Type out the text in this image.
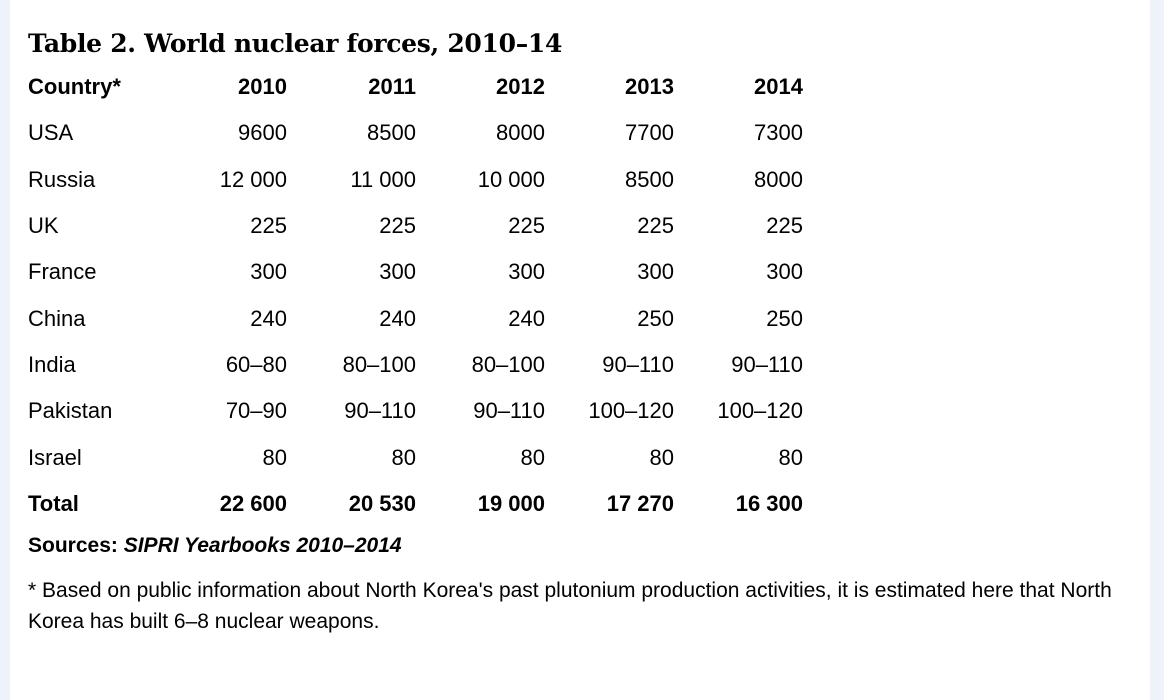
Table 2. World nuclear forces, 2010–14
Country*	2010	2011	2012	2013	2014
USA	9600	8500	8000	7700	7300
Russia	12 000	11 000	10 000	8500	8000
UK	225	225	225	225	225
France	300	300	300	300	300
China	240	240	240	250	250
India	60–80	80–100	80–100	90–110	90–110
Pakistan	70–90	90–110	90–110	100–120	100–120
Israel	80	80	80	80	80
Total	22 600	20 530	19 000	17 270	16 300
Sources: SIPRI Yearbooks 2010–2014
* Based on public information about North Korea's past plutonium production activities, it is estimated here that North Korea has built 6–8 nuclear weapons.
